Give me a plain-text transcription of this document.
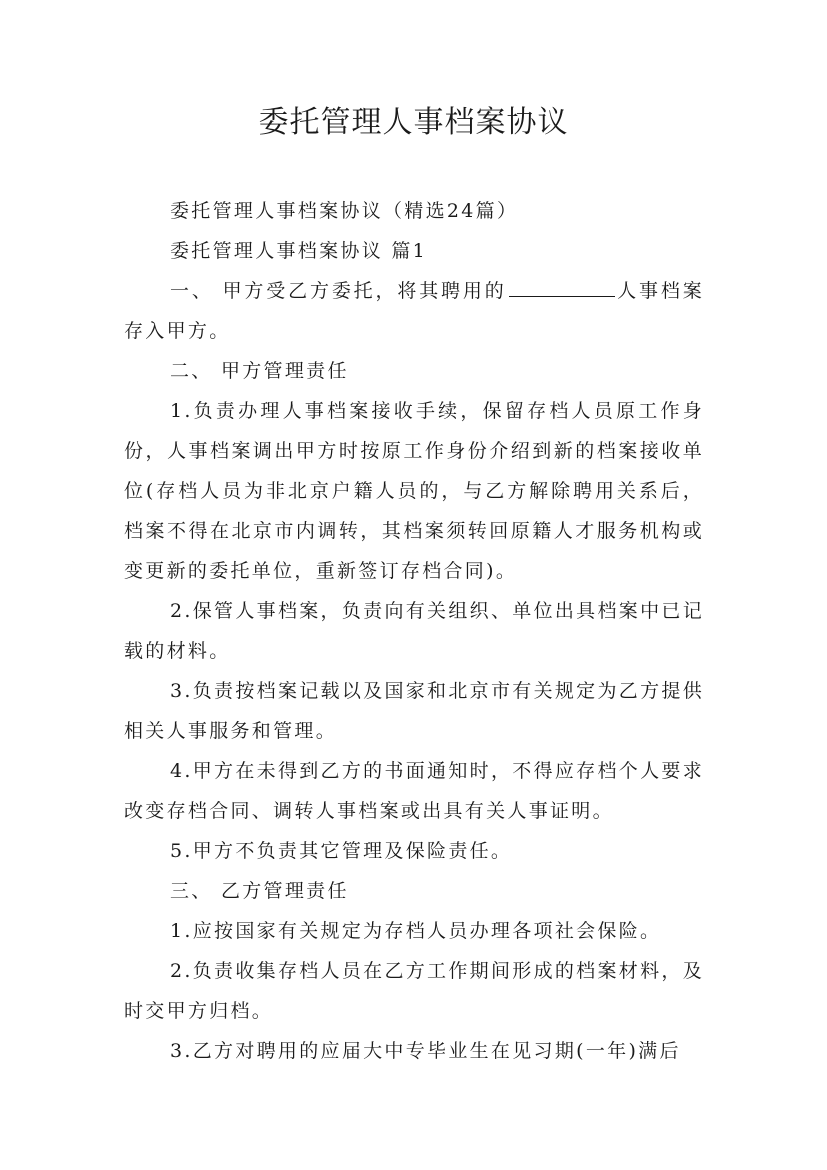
委托管理人事档案协议

委托管理人事档案协议（精选24篇）

委托管理人事档案协议 篇1

一、 甲方受乙方委托，将其聘用的	人事档案存入甲方。

二、 甲方管理责任

1.负责办理人事档案接收手续，保留存档人员原工作身份，人事档案调出甲方时按原工作身份介绍到新的档案接收单位(存档人员为非北京户籍人员的，与乙方解除聘用关系后，档案不得在北京市内调转，其档案须转回原籍人才服务机构或变更新的委托单位，重新签订存档合同)。

2.保管人事档案，负责向有关组织、单位出具档案中已记载的材料。

3.负责按档案记载以及国家和北京市有关规定为乙方提供相关人事服务和管理。

4.甲方在未得到乙方的书面通知时，不得应存档个人要求改变存档合同、调转人事档案或出具有关人事证明。

5.甲方不负责其它管理及保险责任。

三、 乙方管理责任

1.应按国家有关规定为存档人员办理各项社会保险。

2.负责收集存档人员在乙方工作期间形成的档案材料，及时交甲方归档。

3.乙方对聘用的应届大中专毕业生在见习期(一年)满后
